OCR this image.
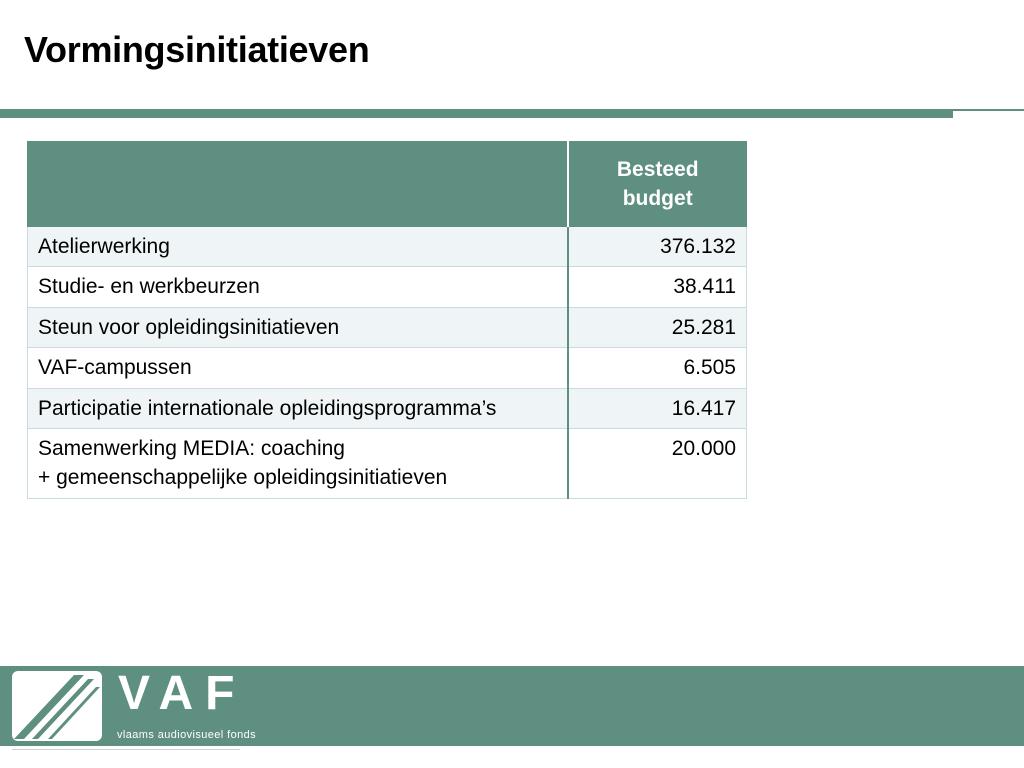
Vormingsinitiatieven

	Besteed
budget

Atelierwerking	376.132
Studie- en werkbeurzen	38.411
Steun voor opleidingsinitiatieven	25.281
VAF-campussen	6.505
Participatie internationale opleidingsprogramma’s	16.417

Samenwerking MEDIA: coaching
+ gemeenschappelijke opleidingsinitiatieven	20.000
VAF
vlaams audiovisueel fonds
